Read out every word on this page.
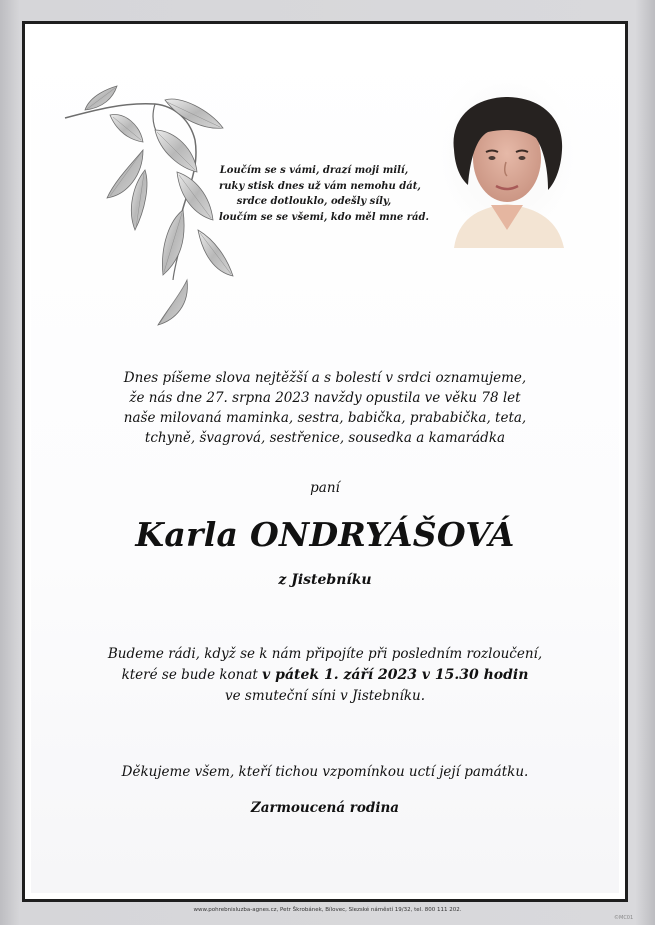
Loučím se s vámi, drazí moji milí,
ruky stisk dnes už vám nemohu dát,
srdce dotlouklo, odešly síly,
loučím se se všemi, kdo měl mne rád.

Dnes píšeme slova nejtěžší a s bolestí v srdci oznamujeme,
že nás dne 27. srpna 2023 navždy opustila ve věku 78 let
naše milovaná maminka, sestra, babička, prababička, teta,
tchyně, švagrová, sestřenice, sousedka a kamarádka

paní
Karla ONDRYÁŠOVÁ
z Jistebníku
Budeme rádi, když se k nám připojíte při posledním rozloučení,
které se bude konat v pátek 1. září 2023 v 15.30 hodin
ve smuteční síni v Jistebníku.
Děkujeme všem, kteří tichou vzpomínkou uctí její památku.
Zarmoucená rodina
www.pohrebnisluzba-agnes.cz, Petr Škrobánek, Bílovec, Slezské náměstí 19/32, tel. 800 111 202.
©MC01
